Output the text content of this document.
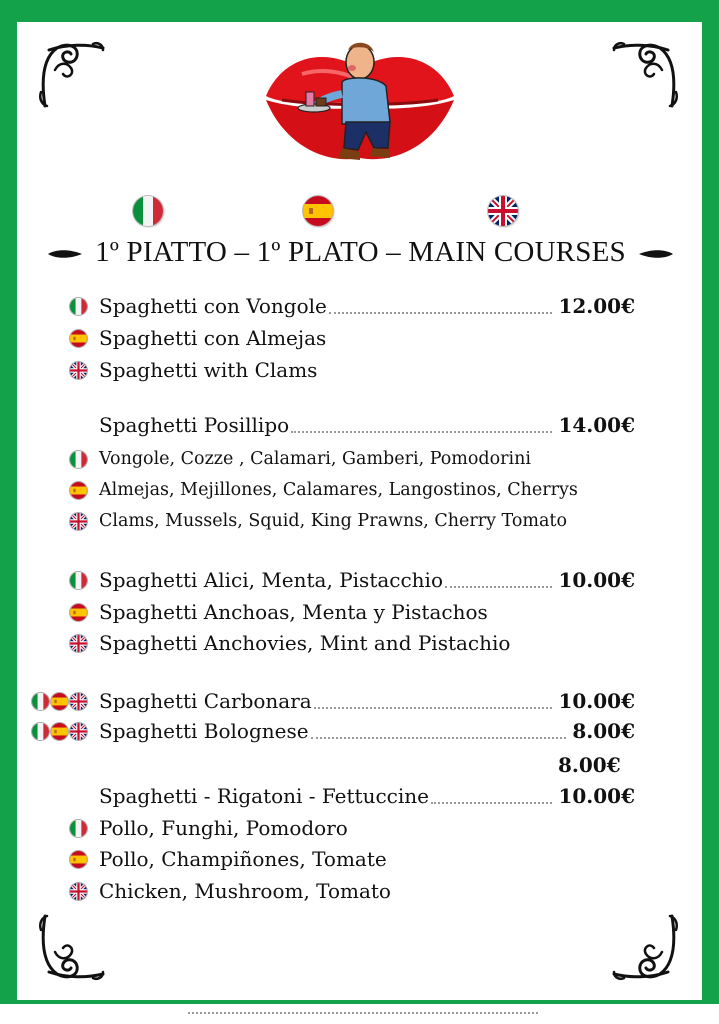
1º PIATTO – 1º PLATO – MAIN COURSES
Spaghetti con Vongole	12.00€
Spaghetti con Almejas
Spaghetti with Clams
Spaghetti Posillipo	14.00€
Vongole, Cozze , Calamari, Gamberi, Pomodorini
Almejas, Mejillones, Calamares, Langostinos, Cherrys
Clams, Mussels, Squid, King Prawns, Cherry Tomato
Spaghetti Alici, Menta, Pistacchio	10.00€
Spaghetti Anchoas, Menta y Pistachos
Spaghetti Anchovies, Mint and Pistachio
Spaghetti Carbonara	10.00€
Spaghetti Bolognese	8.00€
8.00€
Spaghetti - Rigatoni - Fettuccine	10.00€
Pollo, Funghi, Pomodoro
Pollo, Champiñones, Tomate
Chicken, Mushroom, Tomato
